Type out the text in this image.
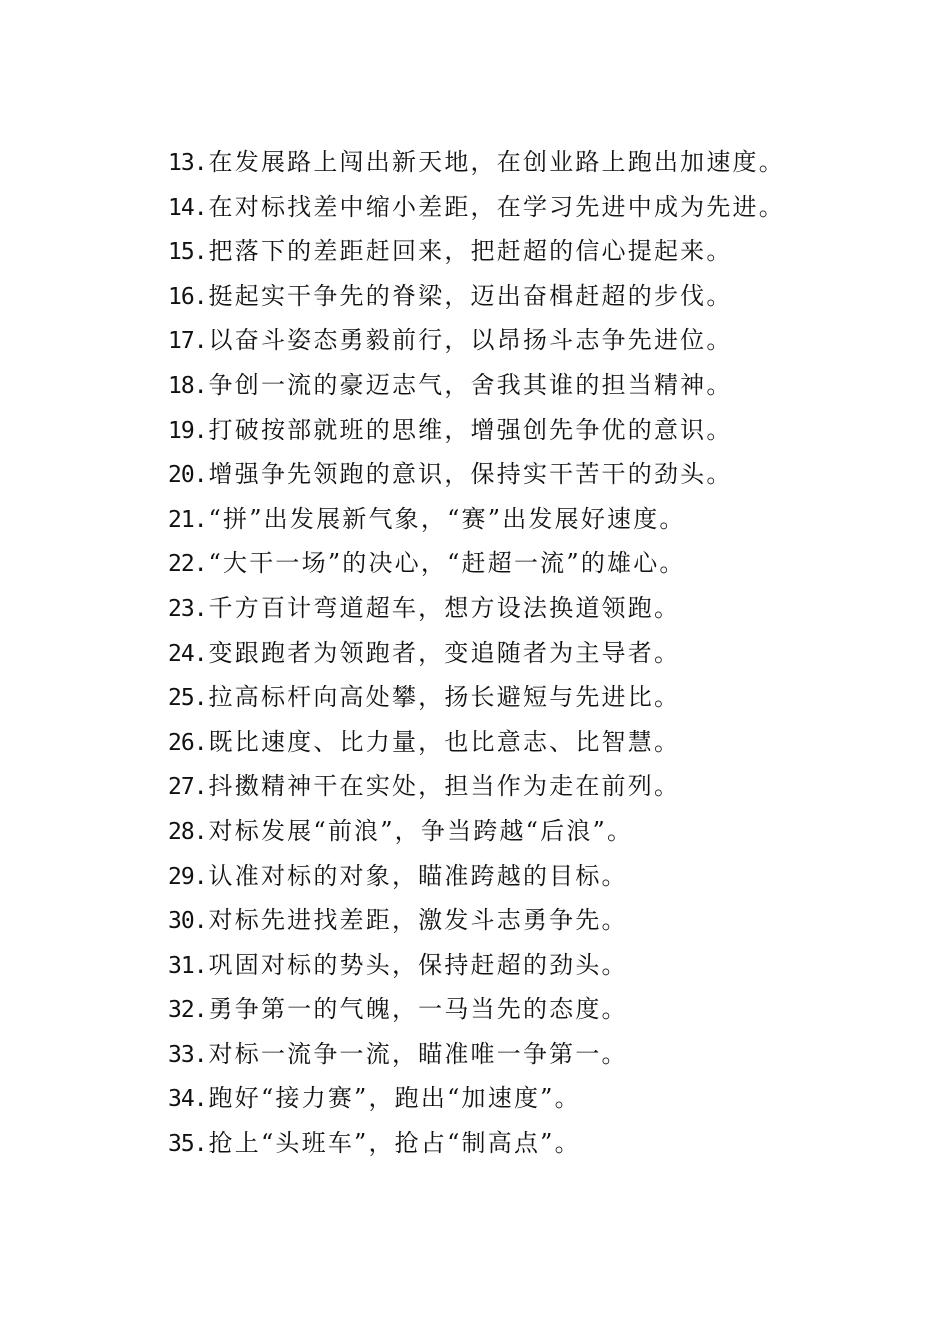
13. 在发展路上闯出新天地，在创业路上跑出加速度。
14. 在对标找差中缩小差距，在学习先进中成为先进。
15. 把落下的差距赶回来，把赶超的信心提起来。
16. 挺起实干争先的脊梁，迈出奋楫赶超的步伐。
17. 以奋斗姿态勇毅前行，以昂扬斗志争先进位。
18. 争创一流的豪迈志气，舍我其谁的担当精神。
19. 打破按部就班的思维，增强创先争优的意识。
20. 增强争先领跑的意识，保持实干苦干的劲头。
21. “拼”出发展新气象，“赛”出发展好速度。
22. “大干一场”的决心，“赶超一流”的雄心。
23. 千方百计弯道超车，想方设法换道领跑。
24. 变跟跑者为领跑者，变追随者为主导者。
25. 拉高标杆向高处攀，扬长避短与先进比。
26. 既比速度、比力量，也比意志、比智慧。
27. 抖擞精神干在实处，担当作为走在前列。
28. 对标发展“前浪”，争当跨越“后浪”。
29. 认准对标的对象，瞄准跨越的目标。
30. 对标先进找差距，激发斗志勇争先。
31. 巩固对标的势头，保持赶超的劲头。
32. 勇争第一的气魄，一马当先的态度。
33. 对标一流争一流，瞄准唯一争第一。
34. 跑好“接力赛”，跑出“加速度”。
35. 抢上“头班车”，抢占“制高点”。
